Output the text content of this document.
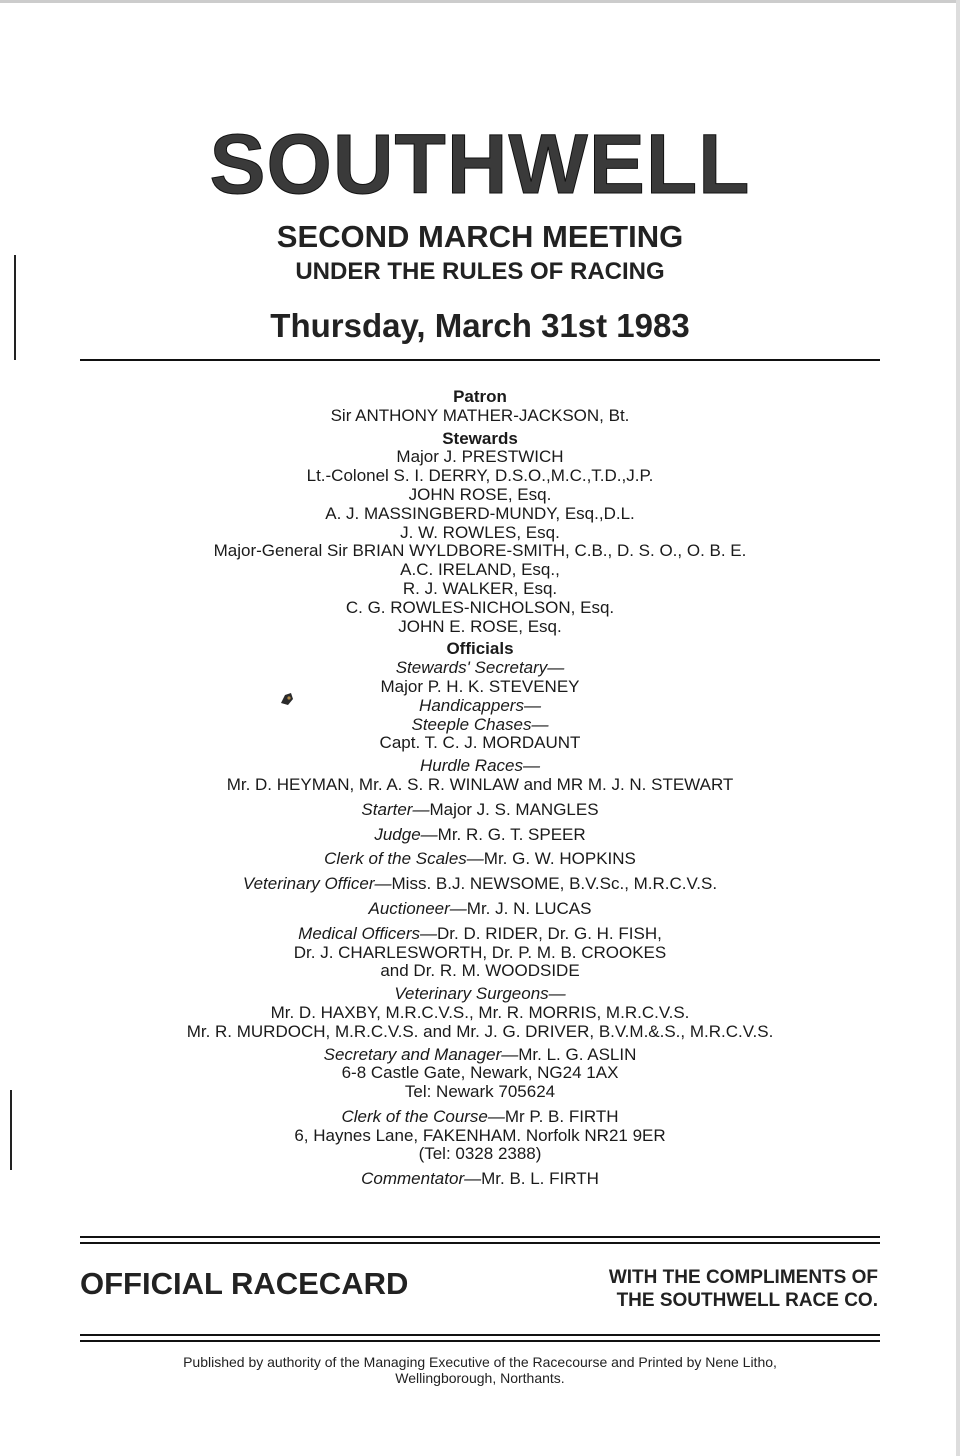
SOUTHWELL
SECOND MARCH MEETING
UNDER THE RULES OF RACING
Thursday, March 31st 1983
Patron
Sir ANTHONY MATHER-JACKSON, Bt.
Stewards
Major J. PRESTWICH
Lt.-Colonel S. I. DERRY, D.S.O.,M.C.,T.D.,J.P.
JOHN ROSE, Esq.
A. J. MASSINGBERD-MUNDY, Esq.,D.L.
J. W. ROWLES, Esq.
Major-General Sir BRIAN WYLDBORE-SMITH, C.B., D. S. O., O. B. E.
A.C. IRELAND, Esq.,
R. J. WALKER, Esq.
C. G. ROWLES-NICHOLSON, Esq.
JOHN E. ROSE, Esq.
Officials
Stewards' Secretary—
Major P. H. K. STEVENEY
Handicappers—
Steeple Chases—
Capt. T. C. J. MORDAUNT
Hurdle Races—
Mr. D. HEYMAN, Mr. A. S. R. WINLAW and MR M. J. N. STEWART
Starter—Major J. S. MANGLES
Judge—Mr. R. G. T. SPEER
Clerk of the Scales—Mr. G. W. HOPKINS
Veterinary Officer—Miss. B.J. NEWSOME, B.V.Sc., M.R.C.V.S.
Auctioneer—Mr. J. N. LUCAS
Medical Officers—Dr. D. RIDER, Dr. G. H. FISH,
Dr. J. CHARLESWORTH, Dr. P. M. B. CROOKES
and Dr. R. M. WOODSIDE
Veterinary Surgeons—
Mr. D. HAXBY, M.R.C.V.S., Mr. R. MORRIS, M.R.C.V.S.
Mr. R. MURDOCH, M.R.C.V.S. and Mr. J. G. DRIVER, B.V.M.&.S., M.R.C.V.S.
Secretary and Manager—Mr. L. G. ASLIN
6-8 Castle Gate, Newark, NG24 1AX
Tel: Newark 705624
Clerk of the Course—Mr P. B. FIRTH
6, Haynes Lane, FAKENHAM. Norfolk NR21 9ER
(Tel: 0328 2388)
Commentator—Mr. B. L. FIRTH
OFFICIAL RACECARD	WITH THE COMPLIMENTS OF
THE SOUTHWELL RACE CO.
Published by authority of the Managing Executive of the Racecourse and Printed by Nene Litho,
Wellingborough, Northants.
